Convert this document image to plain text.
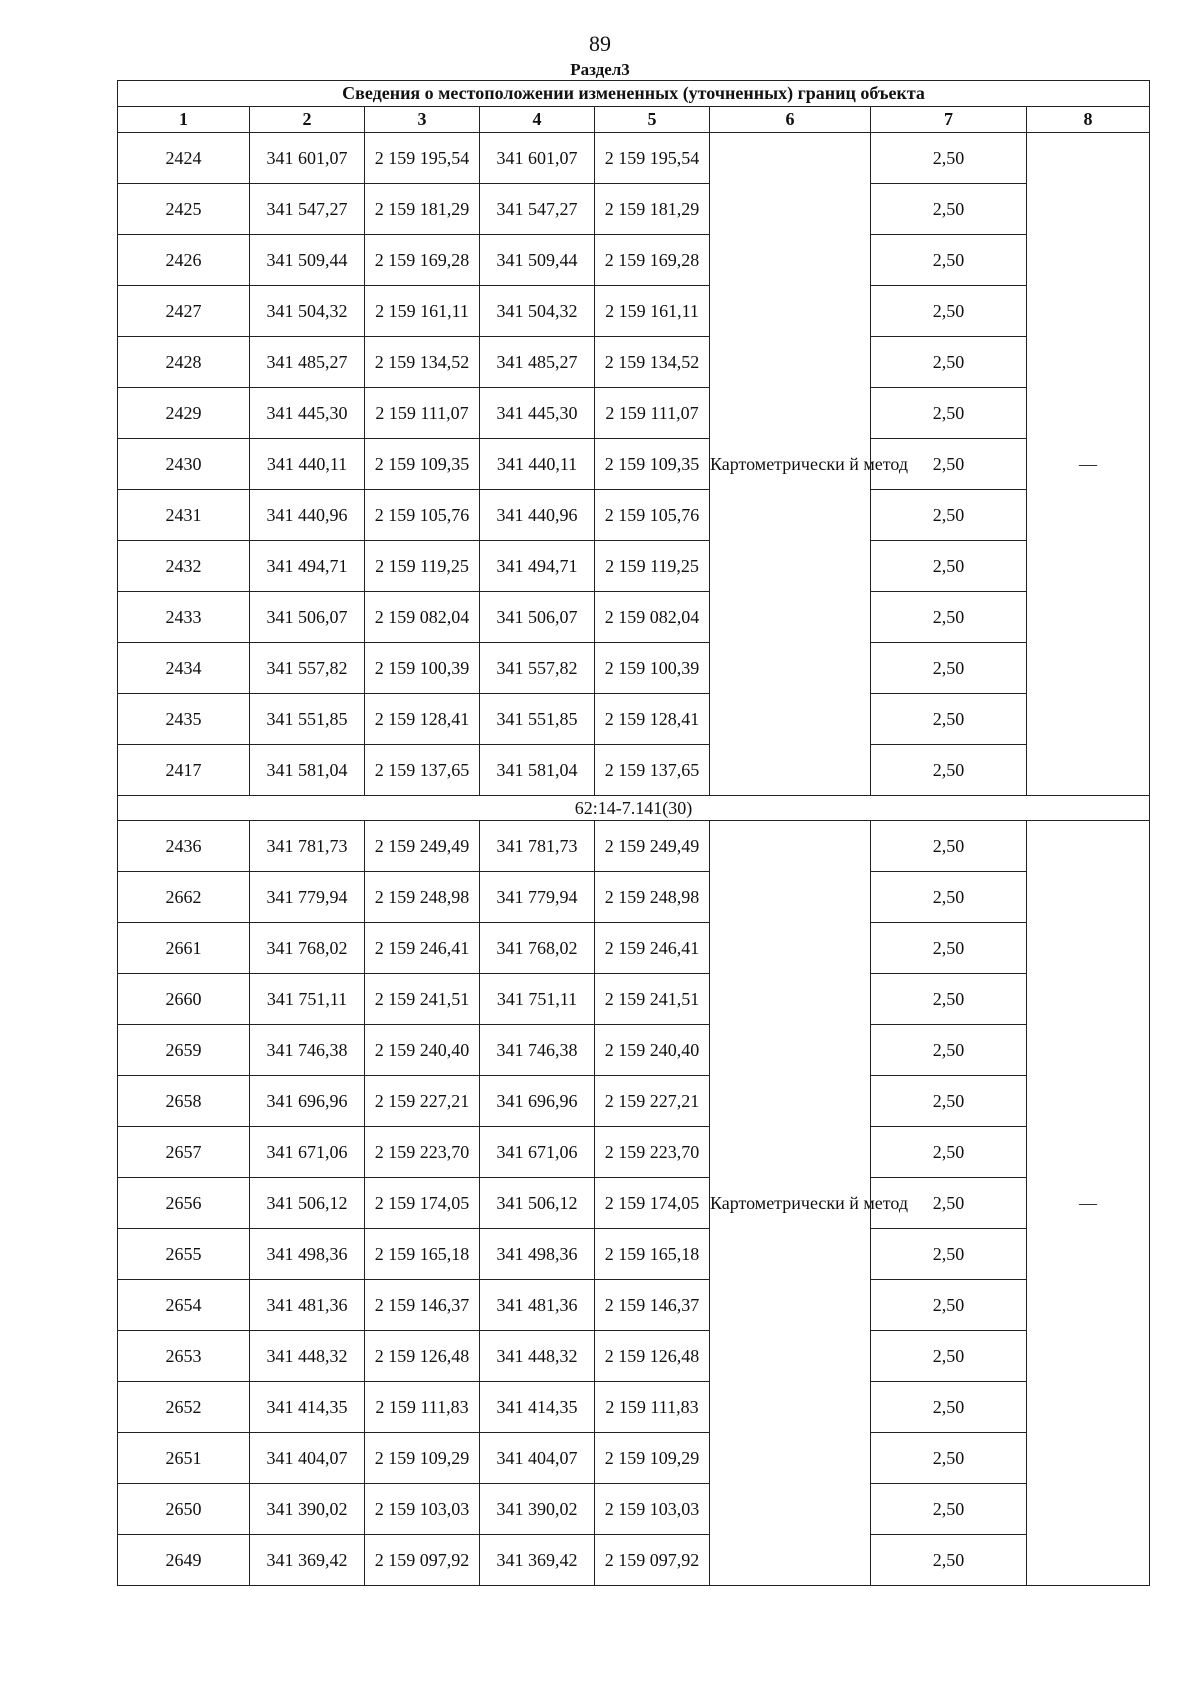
89
Раздел3
Сведения о местоположении измененных (уточненных) границ объекта							
1	2	3	4	5	6	7	8
2424	341 601,07	2 159 195,54	341 601,07	2 159 195,54	Картометрически й метод	2,50	—
2425	341 547,27	2 159 181,29	341 547,27	2 159 181,29		2,50	
2426	341 509,44	2 159 169,28	341 509,44	2 159 169,28		2,50	
2427	341 504,32	2 159 161,11	341 504,32	2 159 161,11		2,50	
2428	341 485,27	2 159 134,52	341 485,27	2 159 134,52		2,50	
2429	341 445,30	2 159 111,07	341 445,30	2 159 111,07		2,50	
2430	341 440,11	2 159 109,35	341 440,11	2 159 109,35		2,50	
2431	341 440,96	2 159 105,76	341 440,96	2 159 105,76		2,50	
2432	341 494,71	2 159 119,25	341 494,71	2 159 119,25		2,50	
2433	341 506,07	2 159 082,04	341 506,07	2 159 082,04		2,50	
2434	341 557,82	2 159 100,39	341 557,82	2 159 100,39		2,50	
2435	341 551,85	2 159 128,41	341 551,85	2 159 128,41		2,50	
2417	341 581,04	2 159 137,65	341 581,04	2 159 137,65		2,50	
62:14-7.141(30)							
2436	341 781,73	2 159 249,49	341 781,73	2 159 249,49	Картометрически й метод	2,50	—
2662	341 779,94	2 159 248,98	341 779,94	2 159 248,98		2,50	
2661	341 768,02	2 159 246,41	341 768,02	2 159 246,41		2,50	
2660	341 751,11	2 159 241,51	341 751,11	2 159 241,51		2,50	
2659	341 746,38	2 159 240,40	341 746,38	2 159 240,40		2,50	
2658	341 696,96	2 159 227,21	341 696,96	2 159 227,21		2,50	
2657	341 671,06	2 159 223,70	341 671,06	2 159 223,70		2,50	
2656	341 506,12	2 159 174,05	341 506,12	2 159 174,05		2,50	
2655	341 498,36	2 159 165,18	341 498,36	2 159 165,18		2,50	
2654	341 481,36	2 159 146,37	341 481,36	2 159 146,37		2,50	
2653	341 448,32	2 159 126,48	341 448,32	2 159 126,48		2,50	
2652	341 414,35	2 159 111,83	341 414,35	2 159 111,83		2,50	
2651	341 404,07	2 159 109,29	341 404,07	2 159 109,29		2,50	
2650	341 390,02	2 159 103,03	341 390,02	2 159 103,03		2,50	
2649	341 369,42	2 159 097,92	341 369,42	2 159 097,92		2,50	
